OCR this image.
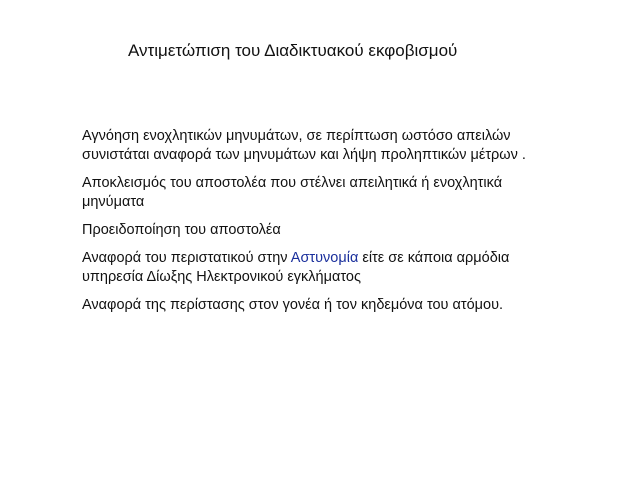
Αντιμετώπιση του Διαδικτυακού εκφοβισμού

Αγνόηση ενοχλητικών μηνυμάτων, σε περίπτωση ωστόσο απειλών
συνιστάται αναφορά των μηνυμάτων και λήψη προληπτικών μέτρων .

Αποκλεισμός του αποστολέα που στέλνει απειλητικά ή ενοχλητικά
μηνύματα

Προειδοποίηση του αποστολέα

Αναφορά του περιστατικού στην Αστυνομία είτε σε κάποια αρμόδια
υπηρεσία Δίωξης Ηλεκτρονικού εγκλήματος

Αναφορά της περίστασης στον γονέα ή τον κηδεμόνα του ατόμου.
